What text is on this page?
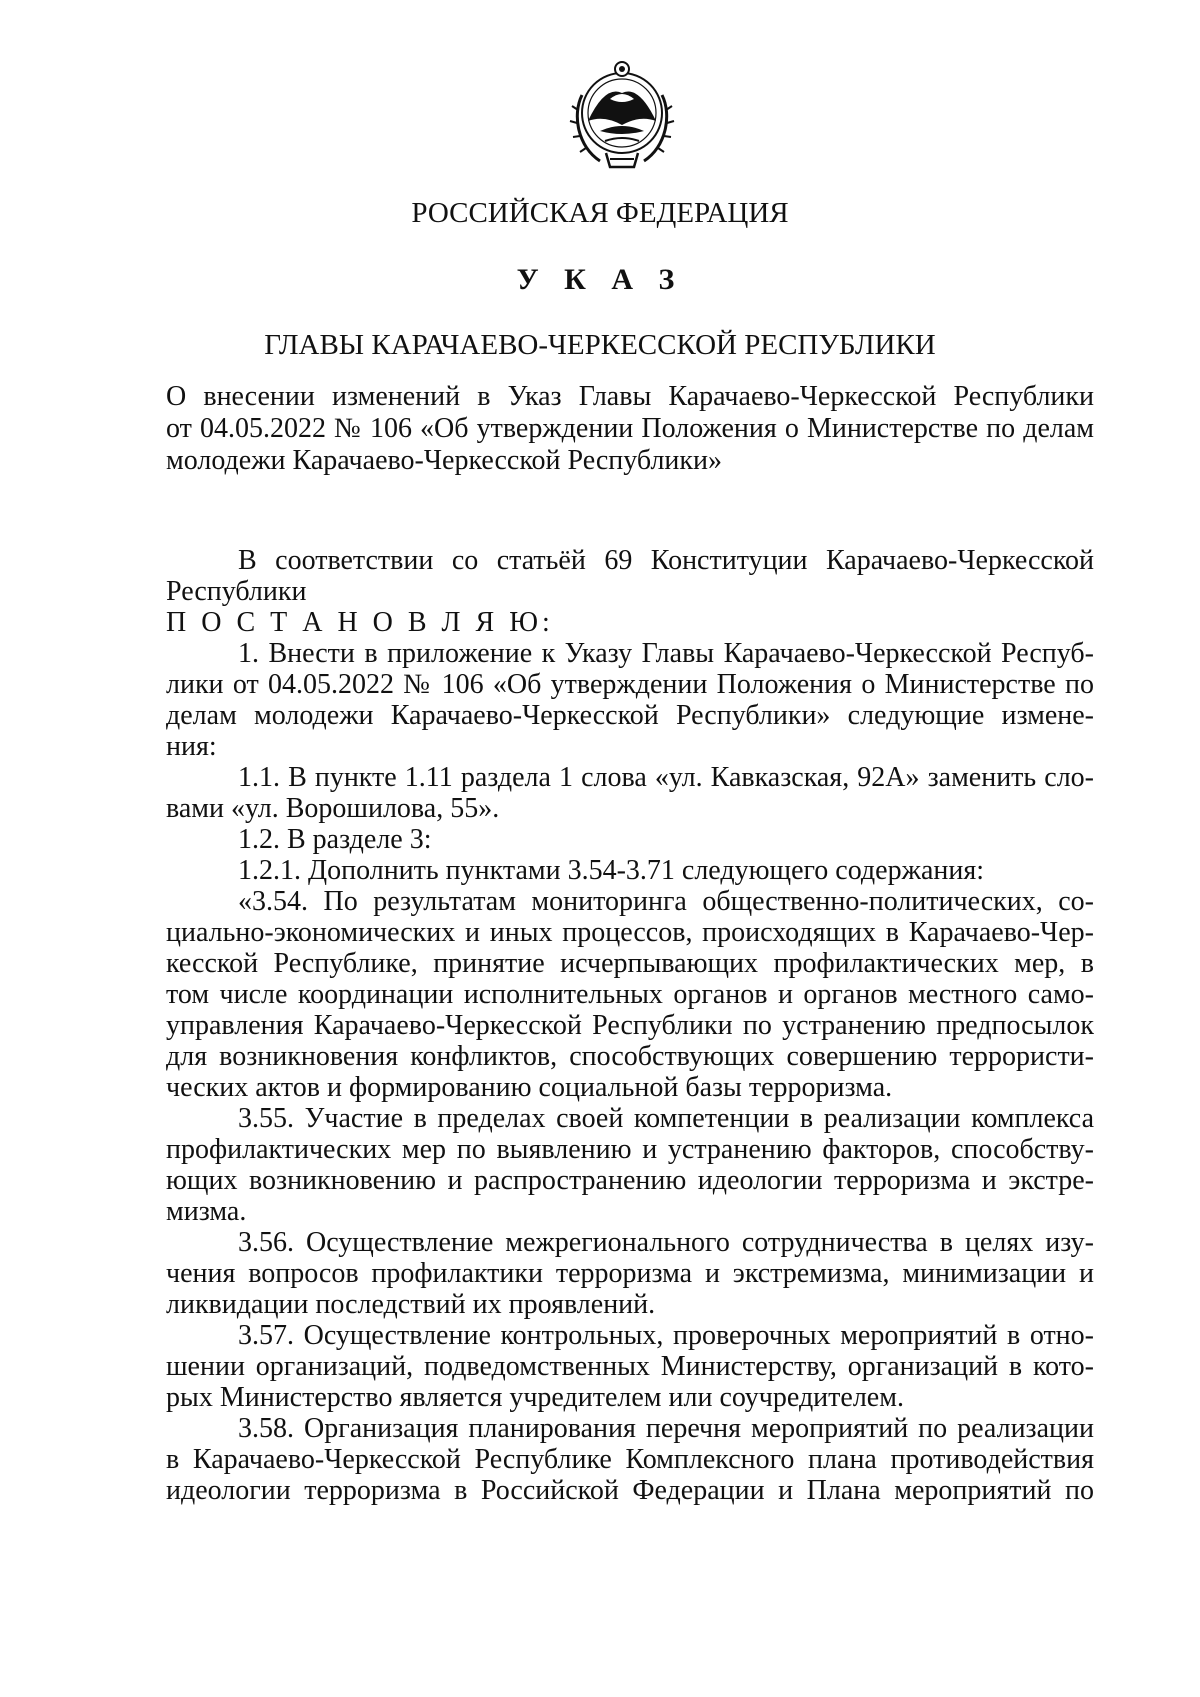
РОССИЙСКАЯ ФЕДЕРАЦИЯ
У К А З
ГЛАВЫ КАРАЧАЕВО-ЧЕРКЕССКОЙ РЕСПУБЛИКИ
О внесении изменений в Указ Главы Карачаево-Черкесской Республики
от 04.05.2022 № 106 «Об утверждении Положения о Министерстве по делам
молодежи Карачаево-Черкесской Республики»
В соответствии со статьёй 69 Конституции Карачаево-Черкесской
Республики
П О С Т А Н О В Л Я Ю:
1. Внести в приложение к Указу Главы Карачаево-Черкесской Респуб-
лики от 04.05.2022 № 106 «Об утверждении Положения о Министерстве по
делам молодежи Карачаево-Черкесской Республики» следующие измене-
ния:
1.1. В пункте 1.11 раздела 1 слова «ул. Кавказская, 92А» заменить сло-
вами «ул. Ворошилова, 55».
1.2. В разделе 3:
1.2.1. Дополнить пунктами 3.54-3.71 следующего содержания:
«3.54. По результатам мониторинга общественно-политических, со-
циально-экономических и иных процессов, происходящих в Карачаево-Чер-
кесской Республике, принятие исчерпывающих профилактических мер, в
том числе координации исполнительных органов и органов местного само-
управления Карачаево-Черкесской Республики по устранению предпосылок
для возникновения конфликтов, способствующих совершению террористи-
ческих актов и формированию социальной базы терроризма.
3.55. Участие в пределах своей компетенции в реализации комплекса
профилактических мер по выявлению и устранению факторов, способству-
ющих возникновению и распространению идеологии терроризма и экстре-
мизма.
3.56. Осуществление межрегионального сотрудничества в целях изу-
чения вопросов профилактики терроризма и экстремизма, минимизации и
ликвидации последствий их проявлений.
3.57. Осуществление контрольных, проверочных мероприятий в отно-
шении организаций, подведомственных Министерству, организаций в кото-
рых Министерство является учредителем или соучредителем.
3.58. Организация планирования перечня мероприятий по реализации
в Карачаево-Черкесской Республике Комплексного плана противодействия
идеологии терроризма в Российской Федерации и Плана мероприятий по
